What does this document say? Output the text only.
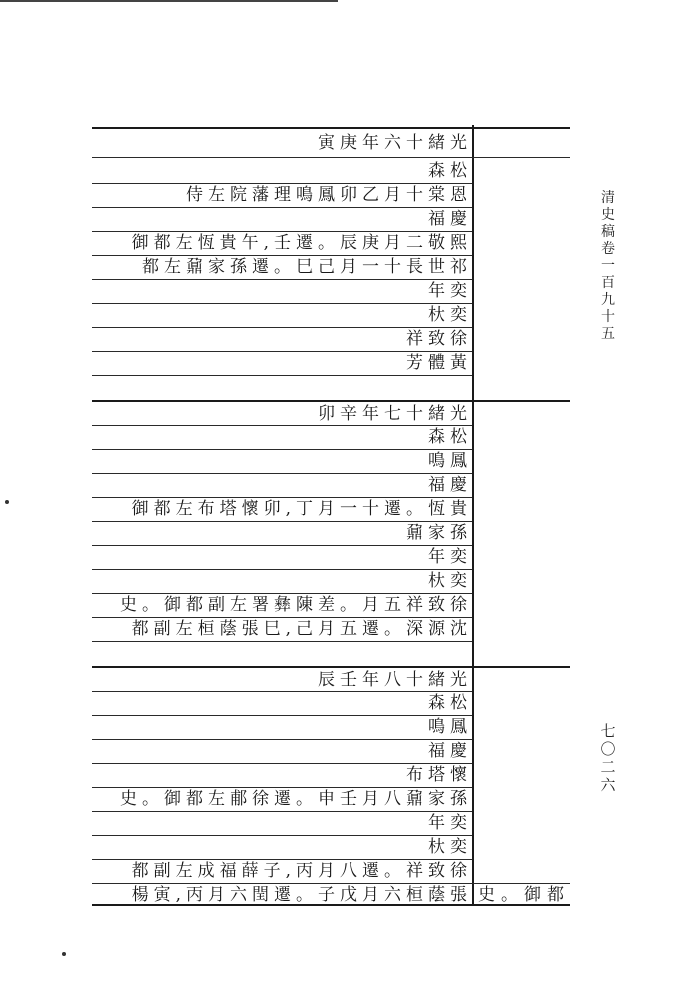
寅庚年六十緒光
森松
侍左院藩理鳴鳳卯乙月十棠恩
福慶
御都左恆貴午,壬遷。辰庚月二敬熙
都左鼐家孫遷。巳己月一十長世祁
年奕
杕奕
祥致徐
芳體黃
卯辛年七十緒光
森松
鳴鳳
福慶
御都左布塔懷卯,丁月一十遷。恆貴
鼐家孫
年奕
杕奕
史。御都副左署彝陳差。月五祥致徐
都副左桓蔭張巳,己月五遷。深源沈
辰壬年八十緒光
森松
鳴鳳
福慶
布塔懷
史。御都左郙徐遷。申壬月八鼐家孫
年奕
杕奕
都副左成福薛子,丙月八遷。祥致徐
楊寅,丙月六閏遷。子戊月六桓蔭張 史。御都
清
史
稿
卷
一
百
九
十
五
七
〇
二
六
